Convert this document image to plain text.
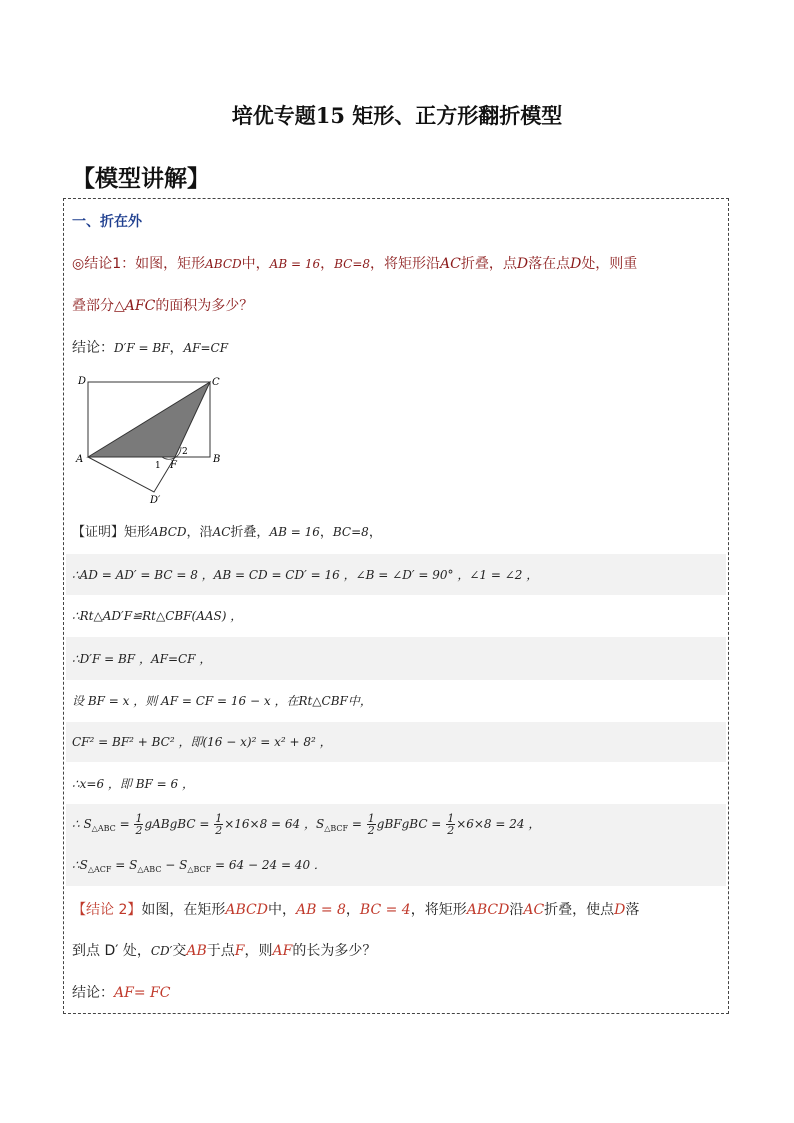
培优专题15 矩形、正方形翻折模型
【模型讲解】
一、折在外
◎结论1：如图，矩形ABCD中，AB = 16，BC=8，将矩形沿AC折叠，点D落在点D处，则重
叠部分△AFC的面积为多少？
结论：D′F = BF，AF=CF
D	C
A	B
F
D′
1
2
【证明】矩形ABCD，沿AC折叠，AB = 16，BC=8，
∴AD = AD′ = BC = 8 ，AB = CD = CD′ = 16 ，∠B = ∠D′ = 90° ，∠1 = ∠2 ，
∴Rt△AD′F≌Rt△CBF(AAS) ，
∴D′F = BF ，AF=CF ，
设 BF = x ，则 AF = CF = 16 − x ，在Rt△CBF中，
CF² = BF² + BC² ，即(16 − x)² = x² + 8² ，
∴x=6 ，即 BF = 6 ，
∴ $S_{\triangle ABC} = \frac{1}{2}$ gABgBC = $\frac{1}{2} \times 16\times 8 = 64$ ，$S_{\triangle BCF} = \frac{1}{2}$ gBFgBC = $\frac{1}{2} \times 6\times 8 = 24$ ，
$\therefore S_{\triangle ACF} = S_{\triangle ABC} - S_{\triangle BCF} = 64 - 24 = 40$ ．
【结论 2】如图，在矩形ABCD中，AB = 8，BC = 4，将矩形ABCD沿AC折叠，使点D落
到点 D′ 处，CD′交AB于点F，则AF的长为多少？
结论：AF= FC
